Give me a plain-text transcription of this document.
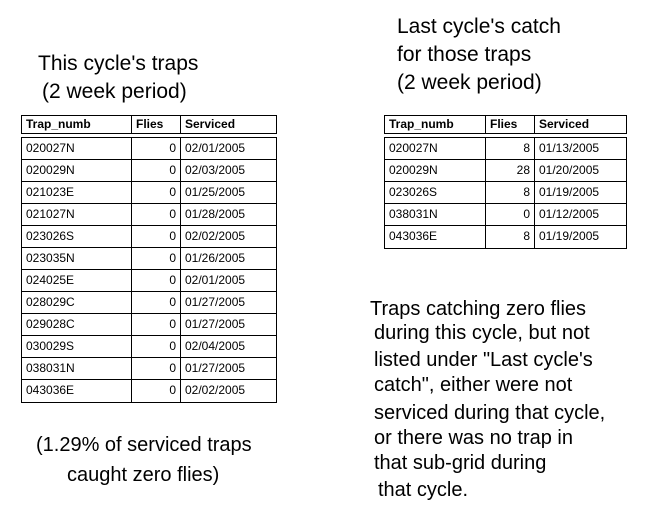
This cycle's traps
(2 week period)
Trap_numb	Flies	Serviced
020027N	0 02/01/2005
020029N	0 02/03/2005
021023E	0 01/25/2005
021027N	0 01/28/2005
023026S	0 02/02/2005
023035N	0 01/26/2005
024025E	0 02/01/2005
028029C	0 01/27/2005
029028C	0 01/27/2005
030029S	0 02/04/2005
038031N	0 01/27/2005
043036E	0 02/02/2005
(1.29% of serviced traps
caught zero flies)
Last cycle's catch
for those traps
(2 week period)
Trap_numb	Flies	Serviced
020027N	8 01/13/2005
020029N	28 01/20/2005
023026S	8 01/19/2005
038031N	0 01/12/2005
043036E	8 01/19/2005
Traps catching zero flies
during this cycle, but not
listed under "Last cycle's
catch", either were not
serviced during that cycle,
or there was no trap in
that sub-grid during
that cycle.
